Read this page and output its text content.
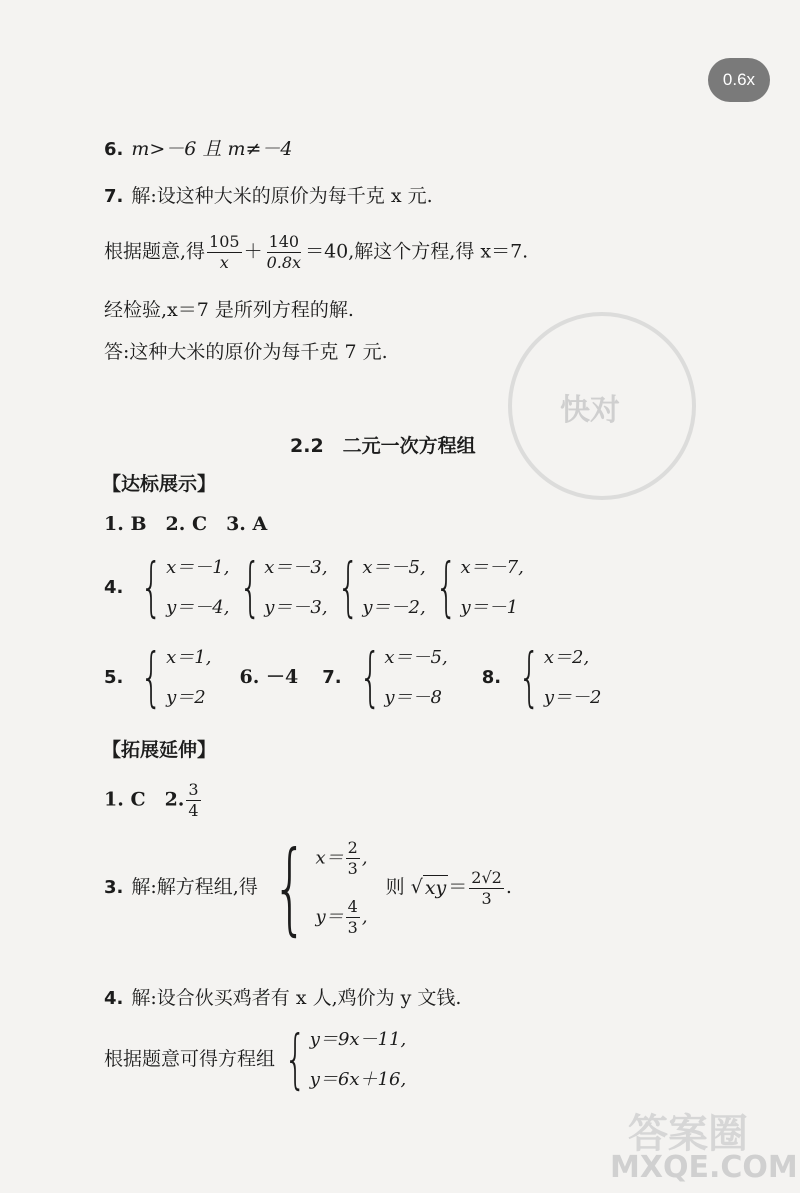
0.6x
快对
6. m>－6 且 m≠－4
7. 解:设这种大米的原价为每千克 x 元.
根据题意,得 $\frac{105}{x} + \frac{140}{0.8x} =40$,解这个方程,得 x＝7.
经检验,x＝7 是所列方程的解.
答:这种大米的原价为每千克 7 元.
2.2　二元一次方程组
【达标展示】
1. B　2. C　3. A
4. { x＝－1,
y＝－4,
{ x＝－3,
y＝－3,
{ x＝－5,
y＝－2,
{ x＝－7,
y＝－1
5. { x＝1,
y＝2
6. －4 7. { x＝－5,
y＝－8
8. { x＝2,
y＝－2
【拓展延伸】
1. C　2. $\frac{3}{4}$
3. 解:解方程组,得 { $x= \frac{2}{3}$ ,
$y= \frac{4}{3}$ ,
则 √ xy ＝ $\frac{2√2}{3}$ .
4. 解:设合伙买鸡者有 x 人,鸡价为 y 文钱.
根据题意可得方程组 { y＝9x－11,
y＝6x＋16,
答案圈
MXQE.COM
